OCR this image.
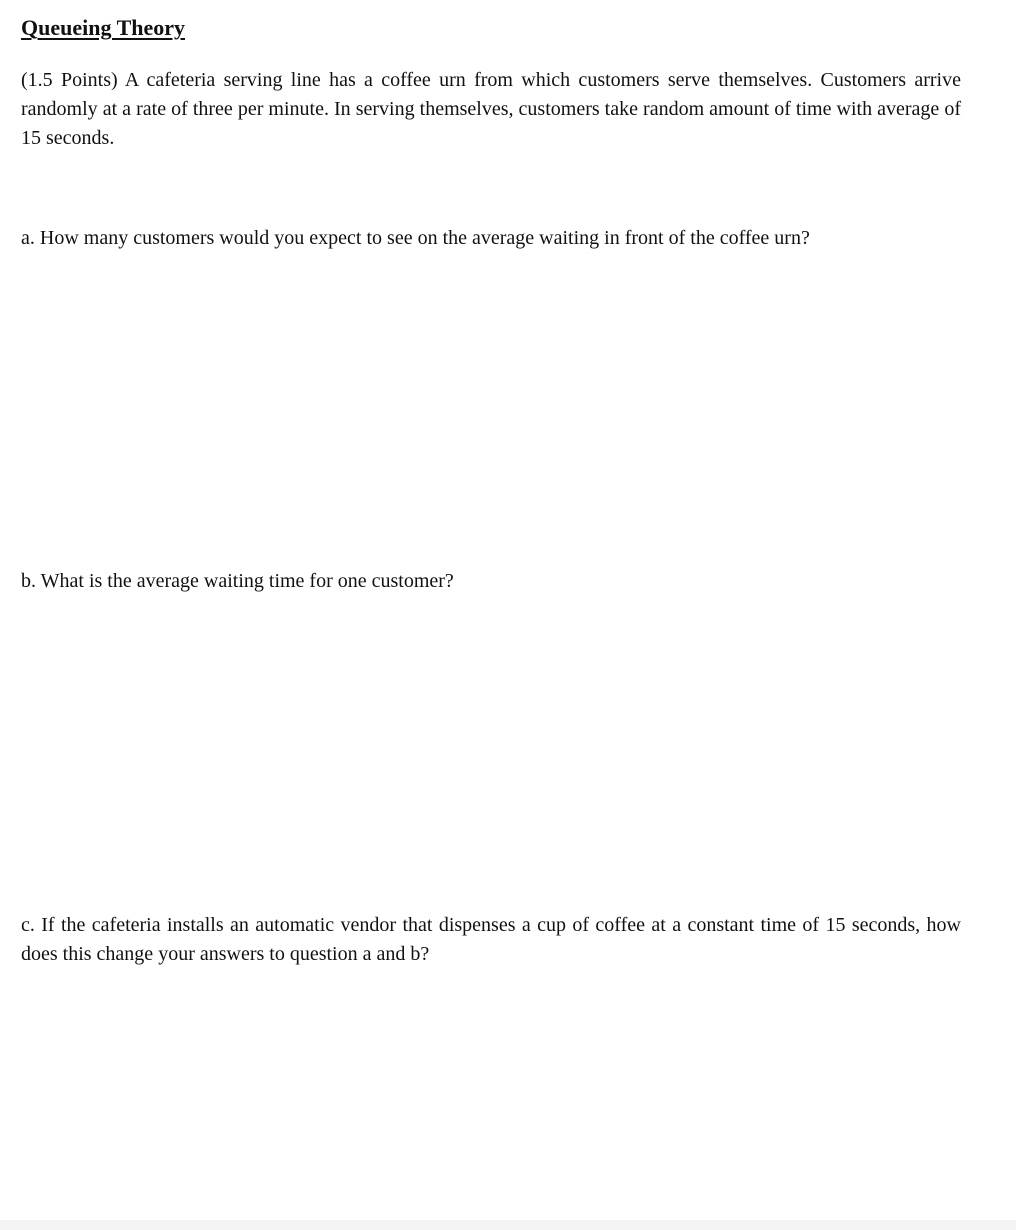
Queueing Theory

(1.5 Points) A cafeteria serving line has a coffee urn from which customers serve themselves. Customers arrive randomly at a rate of three per minute. In serving themselves, customers take random amount of time with average of 15 seconds.

a. How many customers would you expect to see on the average waiting in front of the coffee urn?

b. What is the average waiting time for one customer?

c. If the cafeteria installs an automatic vendor that dispenses a cup of coffee at a constant time of 15 seconds, how does this change your answers to question a and b?
